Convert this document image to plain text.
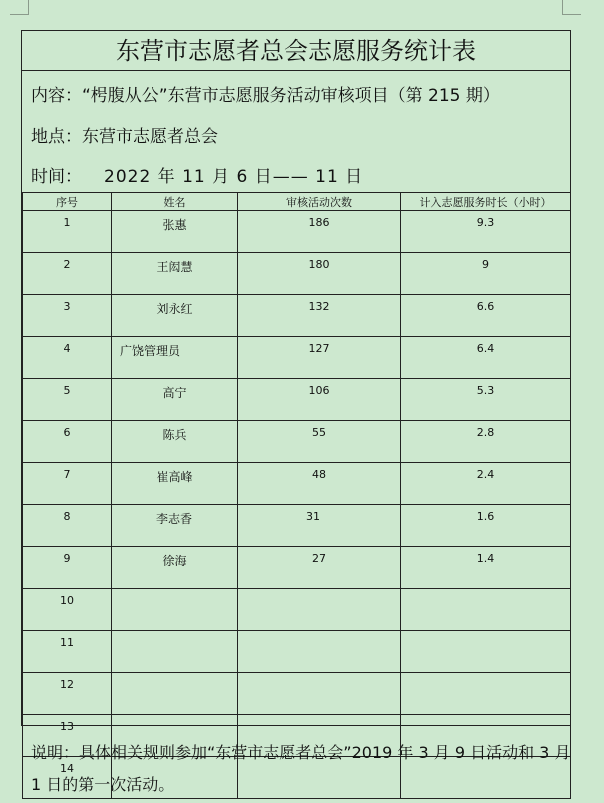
东营市志愿者总会志愿服务统计表
内容：“枵腹从公”东营市志愿服务活动审核项目（第 215 期）
地点：东营市志愿者总会
时间： 2022 年 11 月 6 日—— 11 日
序号	姓名	审核活动次数	计入志愿服务时长（小时）
1	张惠	186	9.3
2	王闳慧	180	9
3	刘永红	132	6.6
4	广饶管理员	127	6.4
5	高宁	106	5.3
6	陈兵	55	2.8
7	崔高峰	48	2.4
8	李志香	31	1.6
9	徐海	27	1.4
10			
11			
12			
13			
14			
说明：具体相关规则参加“东营市志愿者总会”2019 年 3 月 9 日活动和 3 月 1 日的第一次活动。
